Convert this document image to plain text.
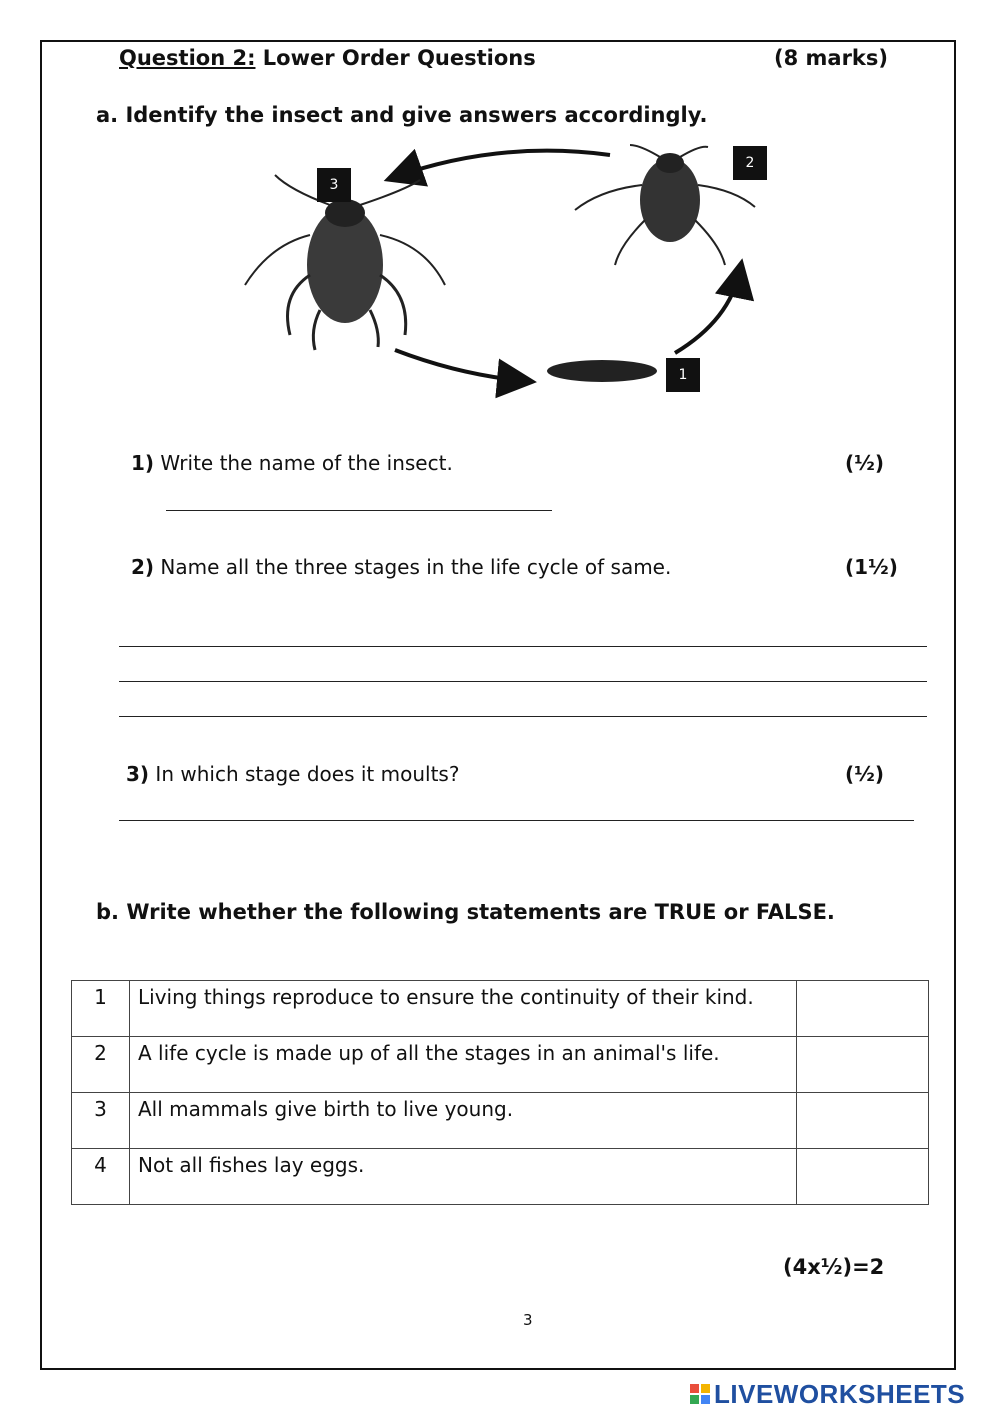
Question 2: Lower Order Questions	(8 marks)
a. Identify the insect and give answers accordingly.
3
2
1
1) Write the name of the insect.	(½)
2) Name all the three stages in the life cycle of same.	(1½)
3) In which stage does it moults?	(½)
b. Write whether the following statements are TRUE or FALSE.
1	Living things reproduce to ensure the continuity of their kind.	
2	A life cycle is made up of all the stages in an animal's life.	
3	All mammals give birth to live young.	
4	Not all fishes lay eggs.	
(4x½)=2
3
LIVEWORKSHEETS
